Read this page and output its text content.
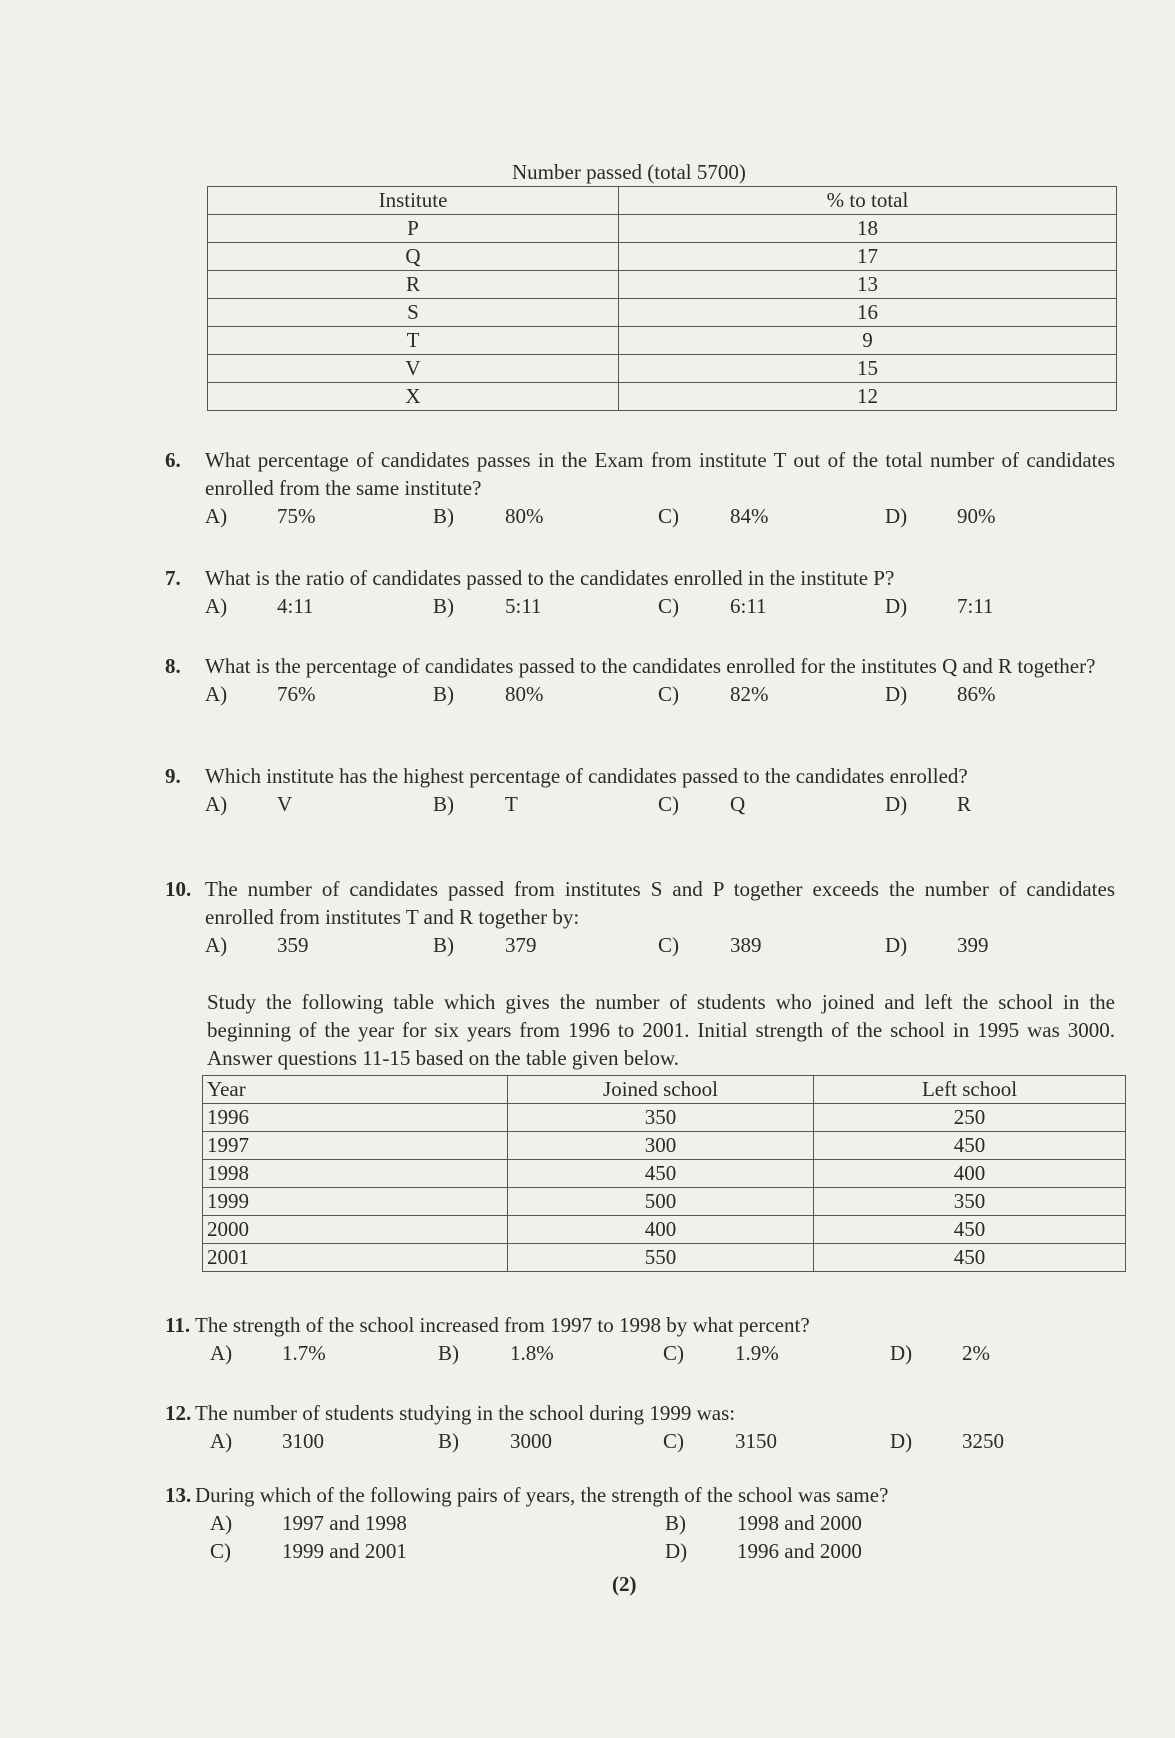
Number passed (total 5700)
Institute	% to total
P	18
Q	17
R	13
S	16
T	9
V	15
X	12
6. What percentage of candidates passes in the Exam from institute T out of the total number of candidates enrolled from the same institute?
A) 75%	B) 80%	C) 84%	D) 90%
7. What is the ratio of candidates passed to the candidates enrolled in the institute P?
A) 4:11	B) 5:11	C) 6:11	D) 7:11
8. What is the percentage of candidates passed to the candidates enrolled for the institutes Q and R together?
A) 76%	B) 80%	C) 82%	D) 86%
9. Which institute has the highest percentage of candidates passed to the candidates enrolled?
A) V	B) T	C) Q	D) R
10. The number of candidates passed from institutes S and P together exceeds the number of candidates enrolled from institutes T and R together by:
A) 359	B) 379	C) 389	D) 399
Study the following table which gives the number of students who joined and left the school in the beginning of the year for six years from 1996 to 2001. Initial strength of the school in 1995 was 3000. Answer questions 11-15 based on the table given below.
Year	Joined school	Left school
1996	350	250
1997	300	450
1998	450	400
1999	500	350
2000	400	450
2001	550	450
11. The strength of the school increased from 1997 to 1998 by what percent?
A) 1.7%	B) 1.8%	C) 1.9%	D) 2%
12. The number of students studying in the school during 1999 was:
A) 3100	B) 3000	C) 3150	D) 3250
13. During which of the following pairs of years, the strength of the school was same?
A) 1997 and 1998	B) 1998 and 2000
C) 1999 and 2001	D) 1996 and 2000
(2)
